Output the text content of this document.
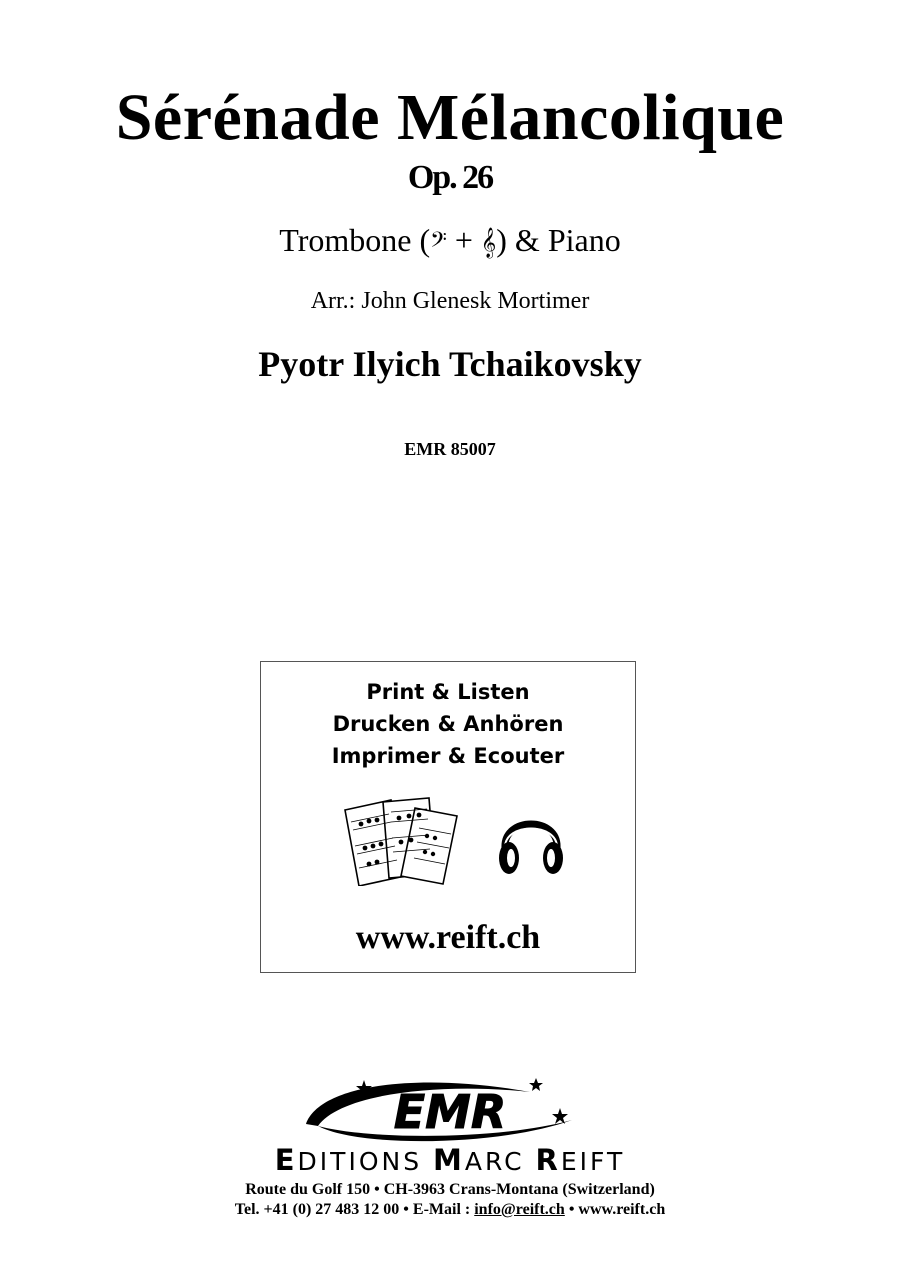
Sérénade Mélancolique
Op. 26
Trombone (𝄢 + 𝄞) & Piano
Arr.: John Glenesk Mortimer
Pyotr Ilyich Tchaikovsky
EMR 85007
Print & Listen
Drucken & Anhören
Imprimer & Ecouter
www.reift.ch
EMR
EDITIONS MARC REIFT
Route du Golf 150 • CH-3963 Crans-Montana (Switzerland)
Tel. +41 (0) 27 483 12 00 • E-Mail : info@reift.ch • www.reift.ch
